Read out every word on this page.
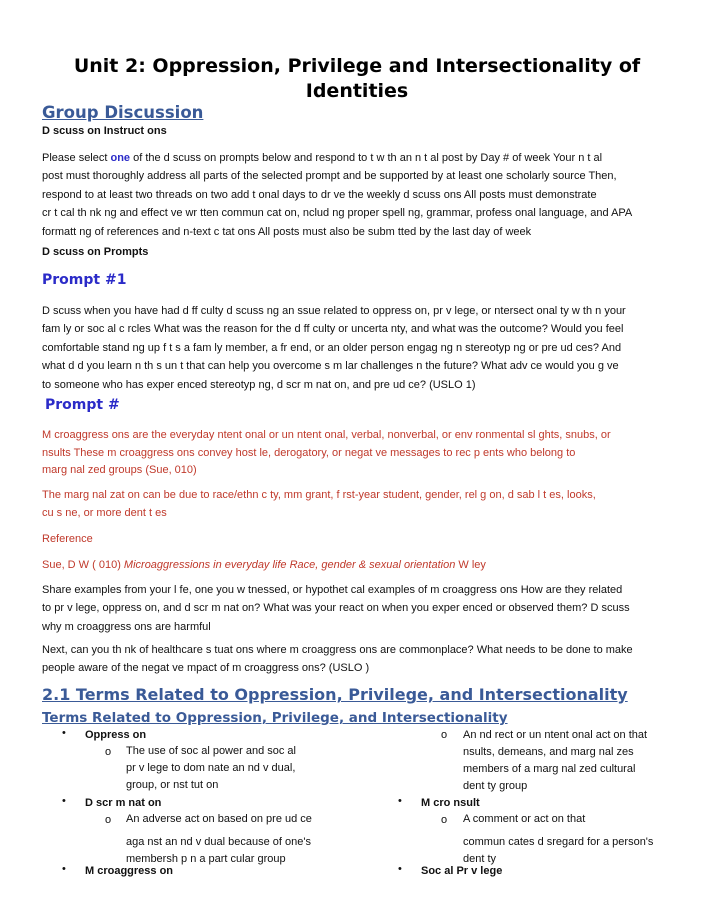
Unit 2: Oppression, Privilege and Intersectionality of Identities
Group Discussion
D scuss on Instruct ons

Please select one of the d scuss on prompts below and respond to t w th an n t al post by Day # of week Your n t al

post must thoroughly address all parts of the selected prompt and be supported by at least one scholarly source Then,

respond to at least two threads on two add t onal days to dr ve the weekly d scuss ons All posts must demonstrate

cr t cal th nk ng and effect ve wr tten commun cat on, nclud ng proper spell ng, grammar, profess onal language, and APA

formatt ng of references and n-text c tat ons All posts must also be subm tted by the last day of week

D scuss on Prompts
Prompt #1

D scuss when you have had d ff culty d scuss ng an ssue related to oppress on, pr v lege, or ntersect onal ty w th n your

fam ly or soc al c rcles What was the reason for the d ff culty or uncerta nty, and what was the outcome? Would you feel

comfortable stand ng up f t s a fam ly member, a fr end, or an older person engag ng n stereotyp ng or pre ud ces? And

what d d you learn n th s un t that can help you overcome s m lar challenges n the future? What adv ce would you g ve

to someone who has exper enced stereotyp ng, d scr m nat on, and pre ud ce? (USLO 1)

Prompt #

M croaggress ons are the everyday ntent onal or un ntent onal, verbal, nonverbal, or env ronmental sl ghts, snubs, or

nsults These m croaggress ons convey host le, derogatory, or negat ve messages to rec p ents who belong to

marg nal zed groups (Sue, 010)

The marg nal zat on can be due to race/ethn c ty, mm grant, f rst-year student, gender, rel g on, d sab l t es, looks,

cu s ne, or more dent t es

Reference

Sue, D W ( 010) Microaggressions in everyday life Race, gender & sexual orientation W ley

Share examples from your l fe, one you w tnessed, or hypothet cal examples of m croaggress ons How are they related

to pr v lege, oppress on, and d scr m nat on? What was your react on when you exper enced or observed them? D scuss

why m croaggress ons are harmful

Next, can you th nk of healthcare s tuat ons where m croaggress ons are commonplace? What needs to be done to make

people aware of the negat ve mpact of m croaggress ons? (USLO )

2.1 Terms Related to Oppression, Privilege, and Intersectionality
Terms Related to Oppression, Privilege, and Intersectionality
• Oppress on
o The use of soc al power and soc al

pr v lege to dom nate an nd v dual,

group, or nst tut on

• D scr m nat on
o An adverse act on based on pre ud ce

aga nst an nd v dual because of one's

membersh p n a part cular group

• M croaggress on
o An nd rect or un ntent onal act on that

nsults, demeans, and marg nal zes

members of a marg nal zed cultural

dent ty group

• M cro nsult
o A comment or act on that

commun cates d sregard for a person's

dent ty

• Soc al Pr v lege
